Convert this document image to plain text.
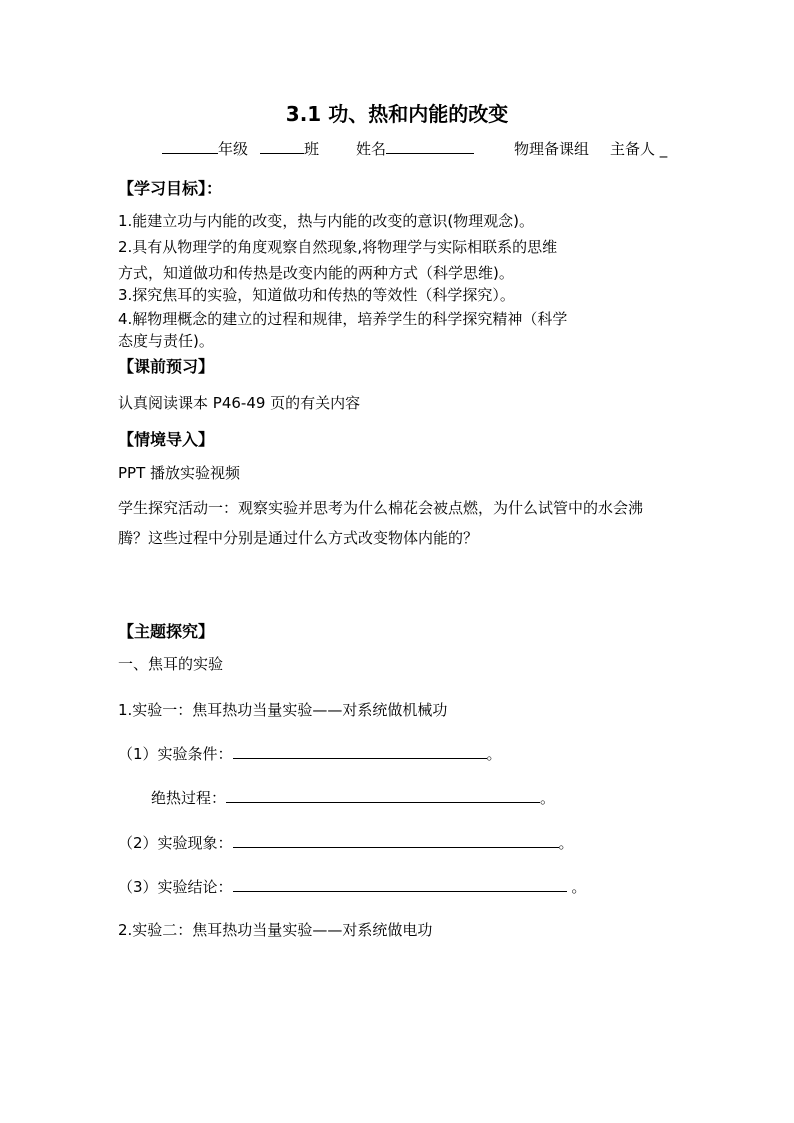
3.1 功、热和内能的改变
年级	班 姓名	物理备课组 主备人 _
【学习目标】：
1.能建立功与内能的改变，热与内能的改变的意识(物理观念)。
2.具有从物理学的角度观察自然现象,将物理学与实际相联系的思维
方式，知道做功和传热是改变内能的两种方式（科学思维)。
3.探究焦耳的实验，知道做功和传热的等效性（科学探究）。
4.解物理概念的建立的过程和规律，培养学生的科学探究精神（科学
态度与责任)。
【课前预习】
认真阅读课本 P46-49 页的有关内容
【情境导入】
PPT 播放实验视频
学生探究活动一：观察实验并思考为什么棉花会被点燃，为什么试管中的水会沸
腾？这些过程中分别是通过什么方式改变物体内能的？
【主题探究】
一、焦耳的实验
1.实验一：焦耳热功当量实验——对系统做机械功
（1）实验条件：	。
绝热过程：	。
（2）实验现象：	。
（3）实验结论：	。
2.实验二：焦耳热功当量实验——对系统做电功
